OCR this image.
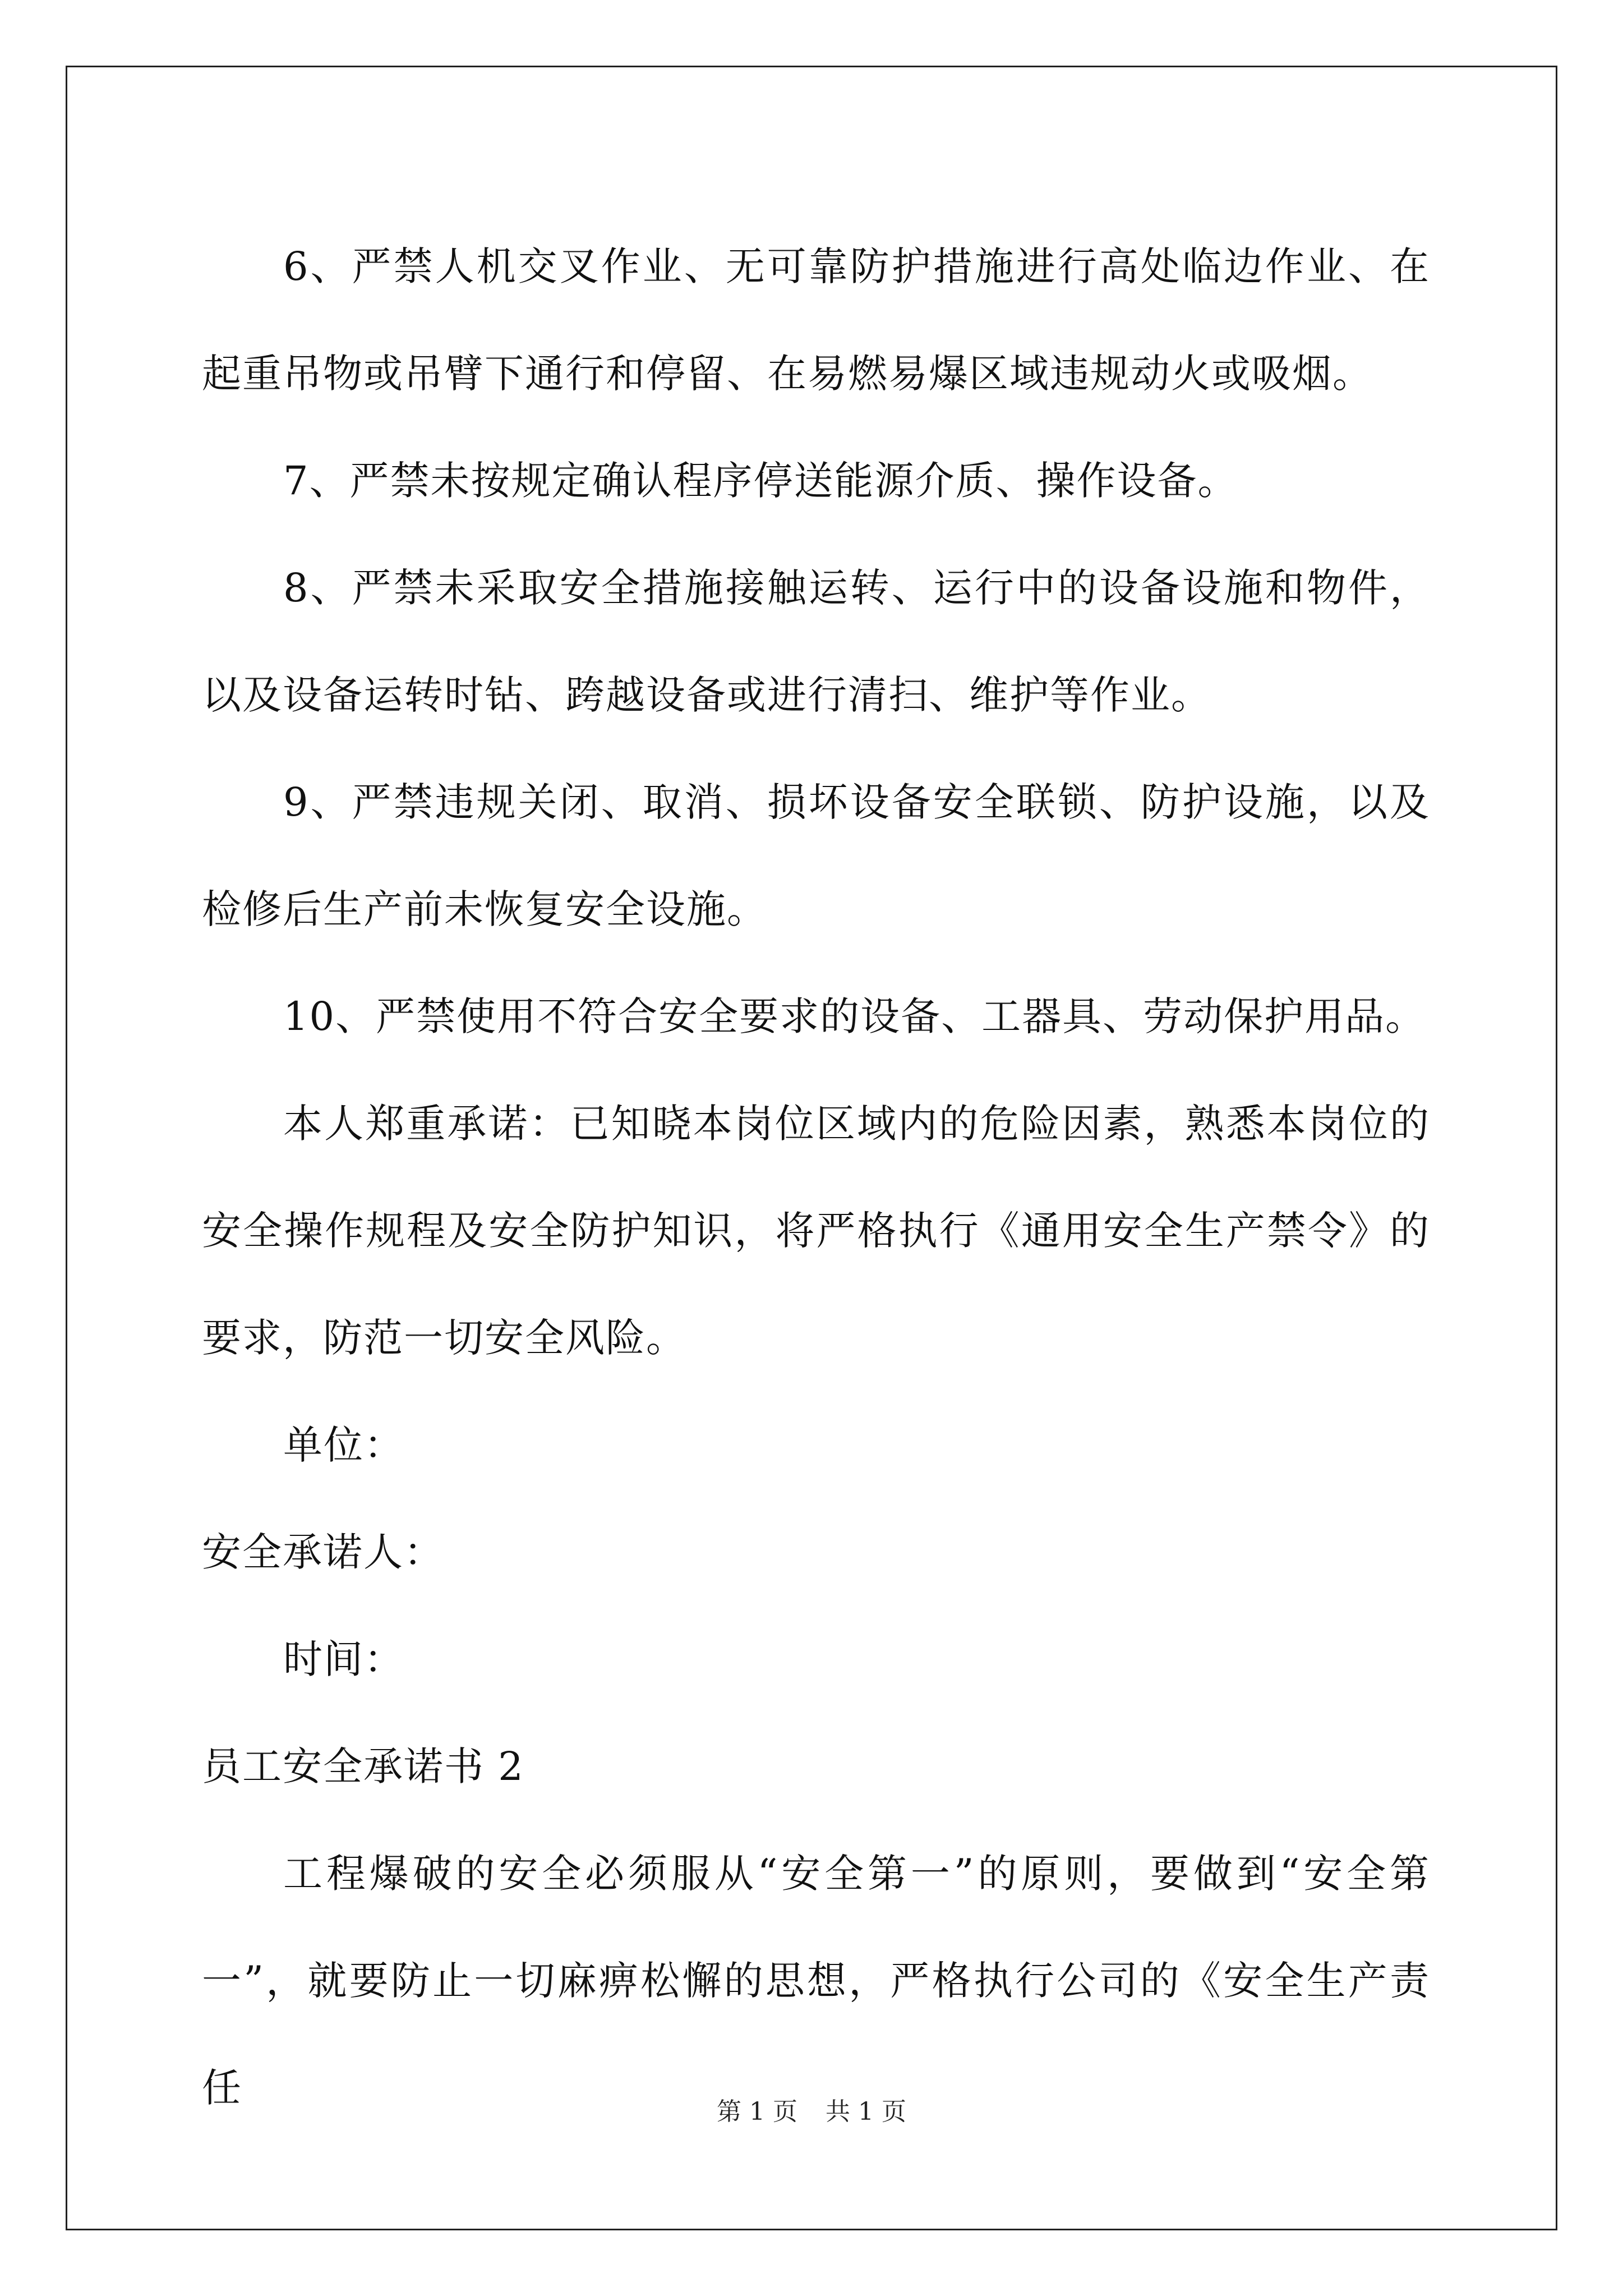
6、严禁人机交叉作业、无可靠防护措施进行高处临边作业、在起重吊物或吊臂下通行和停留、在易燃易爆区域违规动火或吸烟。

7、严禁未按规定确认程序停送能源介质、操作设备。

8、严禁未采取安全措施接触运转、运行中的设备设施和物件，以及设备运转时钻、跨越设备或进行清扫、维护等作业。

9、严禁违规关闭、取消、损坏设备安全联锁、防护设施，以及检修后生产前未恢复安全设施。

10、严禁使用不符合安全要求的设备、工器具、劳动保护用品。

本人郑重承诺：已知晓本岗位区域内的危险因素，熟悉本岗位的安全操作规程及安全防护知识，将严格执行《通用安全生产禁令》的要求，防范一切安全风险。

单位：

安全承诺人：

时间：

员工安全承诺书 2

工程爆破的安全必须服从“安全第一”的原则，要做到“安全第一”，就要防止一切麻痹松懈的思想，严格执行公司的《安全生产责任

第 1 页 共 1 页
